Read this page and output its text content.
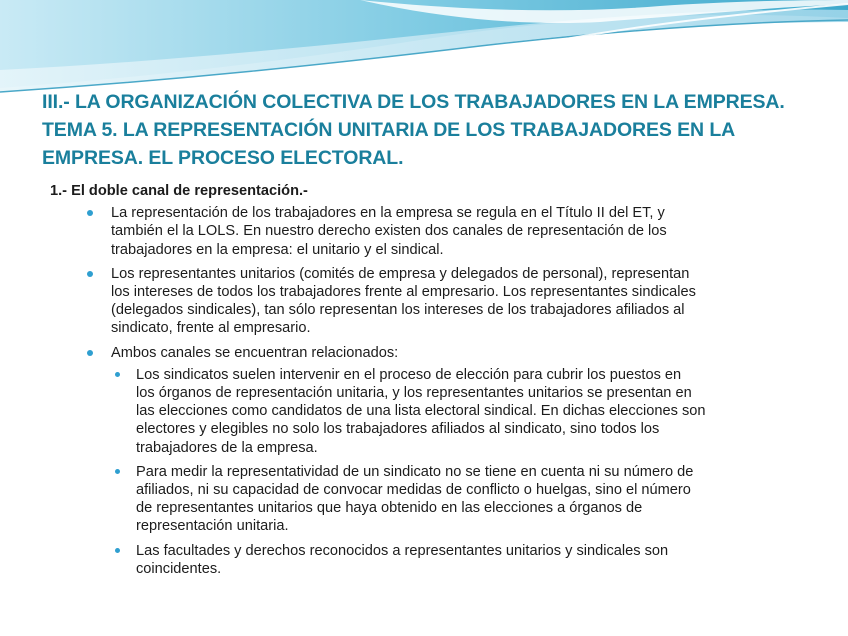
III.- LA ORGANIZACIÓN COLECTIVA DE LOS TRABAJADORES EN LA EMPRESA.
TEMA 5. LA REPRESENTACIÓN UNITARIA DE LOS TRABAJADORES EN LA
EMPRESA. EL PROCESO ELECTORAL.
1.- El doble canal de representación.-
La representación de los trabajadores en la empresa se regula en el Título II del ET, y
también el la LOLS. En nuestro derecho existen dos canales de representación de los
trabajadores en la empresa: el unitario y el sindical.
Los representantes unitarios (comités de empresa y delegados de personal), representan
los intereses de todos los trabajadores frente al empresario. Los representantes sindicales
(delegados sindicales), tan sólo representan los intereses de los trabajadores afiliados al
sindicato, frente al empresario.
Ambos canales se encuentran relacionados:
Los sindicatos suelen intervenir en el proceso de elección para cubrir los puestos en
los órganos de representación unitaria, y los representantes unitarios se presentan en
las elecciones como candidatos de una lista electoral sindical. En dichas elecciones son
electores y elegibles no solo los trabajadores afiliados al sindicato, sino todos los
trabajadores de la empresa.
Para medir la representatividad de un sindicato no se tiene en cuenta ni su número de
afiliados, ni su capacidad de convocar medidas de conflicto o huelgas, sino el número
de representantes unitarios que haya obtenido en las elecciones a órganos de
representación unitaria.
Las facultades y derechos reconocidos a representantes unitarios y sindicales son
coincidentes.
